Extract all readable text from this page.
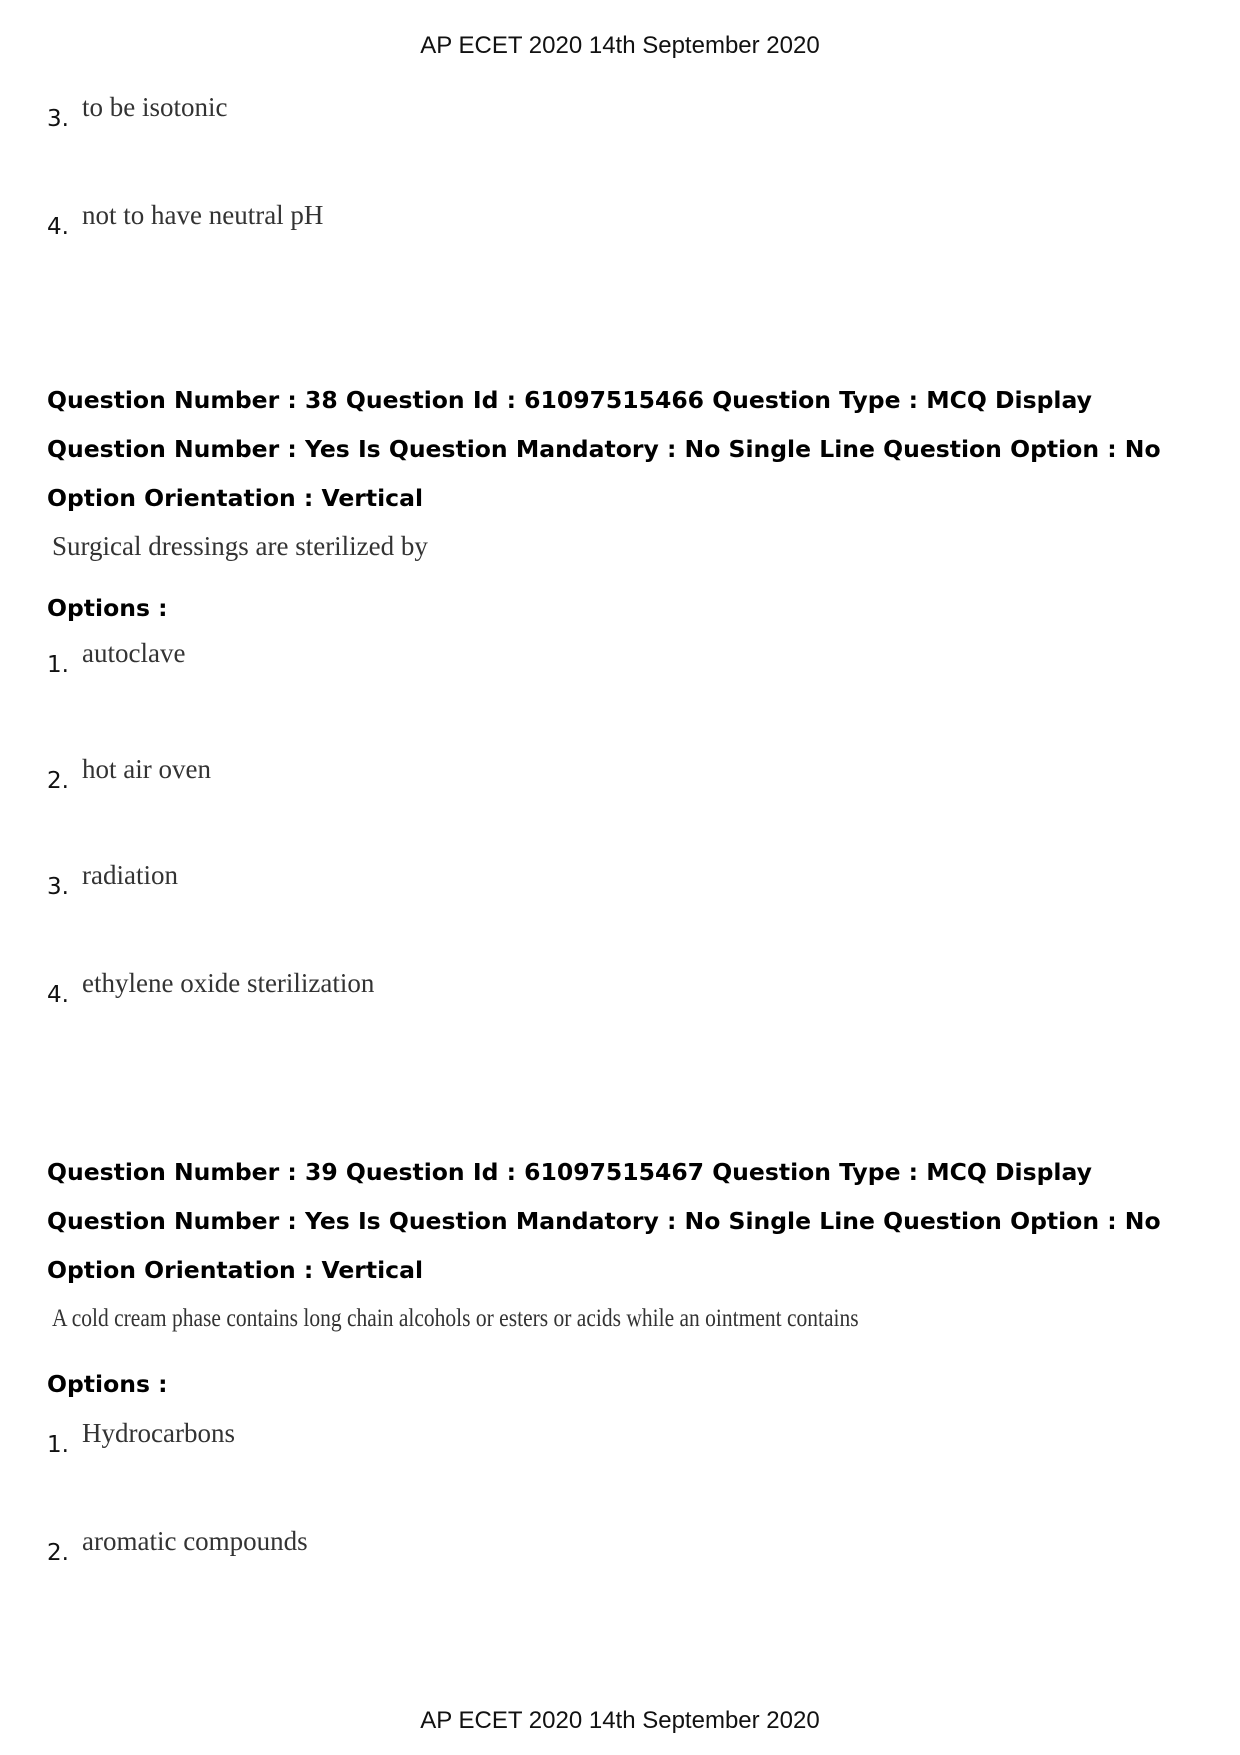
AP ECET 2020 14th September 2020
3. to be isotonic
4. not to have neutral pH
Question Number : 38 Question Id : 61097515466 Question Type : MCQ Display Question Number : Yes Is Question Mandatory : No Single Line Question Option : No Option Orientation : Vertical
Surgical dressings are sterilized by
Options :
1. autoclave
2. hot air oven
3. radiation
4. ethylene oxide sterilization
Question Number : 39 Question Id : 61097515467 Question Type : MCQ Display Question Number : Yes Is Question Mandatory : No Single Line Question Option : No Option Orientation : Vertical
A cold cream phase contains long chain alcohols or esters or acids while an ointment contains
Options :
1. Hydrocarbons
2. aromatic compounds
AP ECET 2020 14th September 2020
